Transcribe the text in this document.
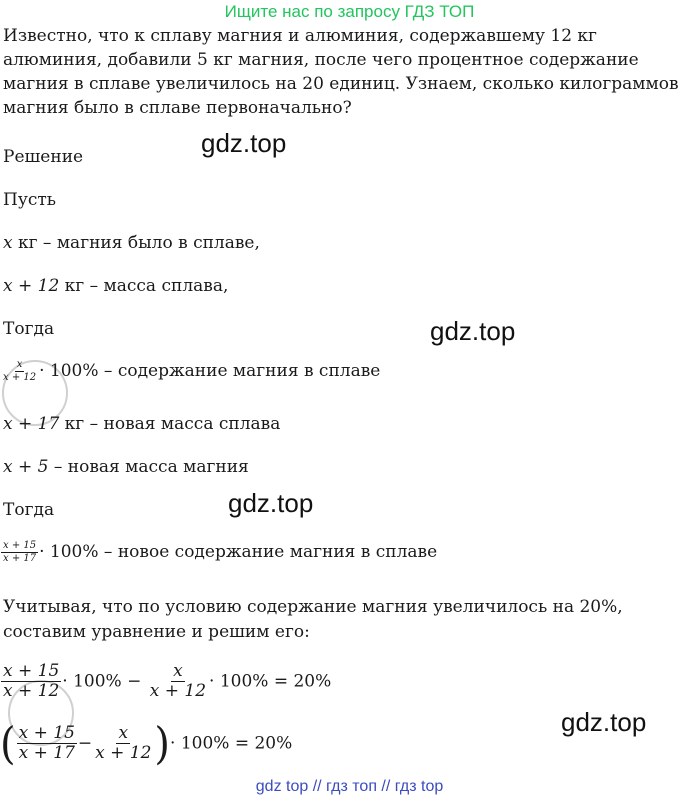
Ищите нас по запросу ГДЗ ТОП
Известно, что к сплаву магния и алюминия, содержавшему 12 кг алюминия, добавили 5 кг магния, после чего процентное содержание магния в сплаве увеличилось на 20 единиц. Узнаем, сколько килограммов магния было в сплаве первоначально?
gdz.top
gdz.top
gdz.top
gdz.top
Решение
Пусть
x кг – магния было в сплаве,
x + 12 кг – масса сплава,
Тогда
$\frac{x}{x + 12} \cdot 100\%$ – содержание магния в сплаве
x + 17 кг – новая масса сплава
x + 5 – новая масса магния
Тогда
$\frac{x + 15}{x + 17} \cdot 100\%$ – новое содержание магния в сплаве
Учитывая, что по условию содержание магния увеличилось на 20%, составим уравнение и решим его:
$\frac{x + 15}{x + 12} \cdot 100\% - \frac{x}{x + 12} \cdot 100\% = 20\%$
( $\frac{x + 15}{x + 17} - \frac{x}{x + 12}$ )· 100% = 20%
gdz top // гдз топ // гдз top
